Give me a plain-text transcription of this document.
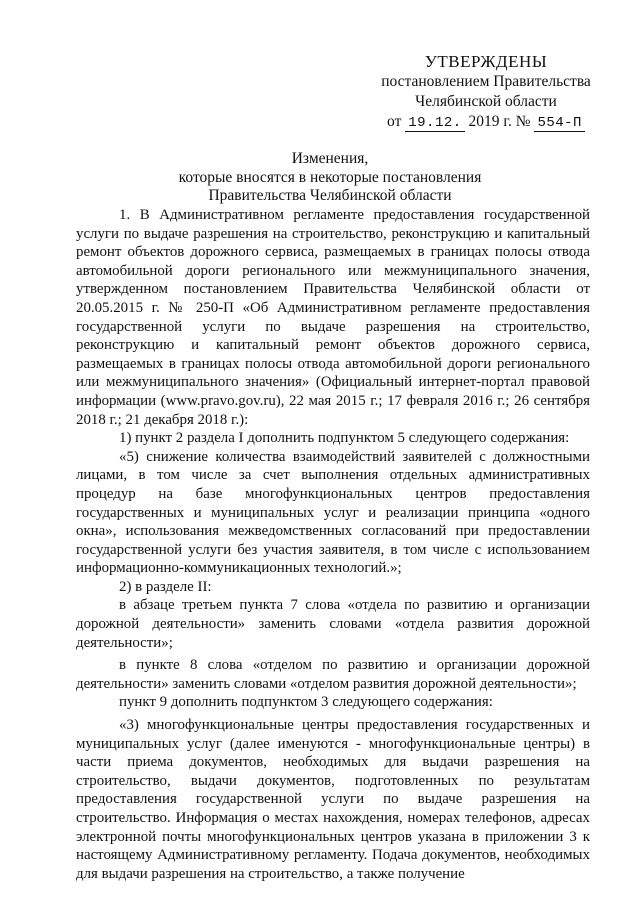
УТВЕРЖДЕНЫ
постановлением Правительства
Челябинской области
от 19.12. 2019 г. № 554-П
Изменения,
которые вносятся в некоторые постановления
Правительства Челябинской области

1. В Административном регламенте предоставления государственной услуги по выдаче разрешения на строительство, реконструкцию и капитальный ремонт объектов дорожного сервиса, размещаемых в границах полосы отвода автомобильной дороги регионального или межмуниципального значения, утвержденном постановлением Правительства Челябинской области от 20.05.2015 г. № 250-П «Об Административном регламенте предоставления государственной услуги по выдаче разрешения на строительство, реконструкцию и капитальный ремонт объектов дорожного сервиса, размещаемых в границах полосы отвода автомобильной дороги регионального или межмуниципального значения» (Официальный интернет-портал правовой информации (www.pravo.gov.ru), 22 мая 2015 г.; 17 февраля 2016 г.; 26 сентября 2018 г.; 21 декабря 2018 г.):

1) пункт 2 раздела I дополнить подпунктом 5 следующего содержания:

«5) снижение количества взаимодействий заявителей с должностными лицами, в том числе за счет выполнения отдельных административных процедур на базе многофункциональных центров предоставления государственных и муниципальных услуг и реализации принципа «одного окна», использования межведомственных согласований при предоставлении государственной услуги без участия заявителя, в том числе с использованием информационно-коммуникационных технологий.»;

2) в разделе II:

в абзаце третьем пункта 7 слова «отдела по развитию и организации дорожной деятельности» заменить словами «отдела развития дорожной деятельности»;

в пункте 8 слова «отделом по развитию и организации дорожной деятельности» заменить словами «отделом развития дорожной деятельности»;

пункт 9 дополнить подпунктом 3 следующего содержания:

«3) многофункциональные центры предоставления государственных и муниципальных услуг (далее именуются - многофункциональные центры) в части приема документов, необходимых для выдачи разрешения на строительство, выдачи документов, подготовленных по результатам предоставления государственной услуги по выдаче разрешения на строительство. Информация о местах нахождения, номерах телефонов, адресах электронной почты многофункциональных центров указана в приложении 3 к настоящему Административному регламенту. Подача документов, необходимых для выдачи разрешения на строительство, а также получение
